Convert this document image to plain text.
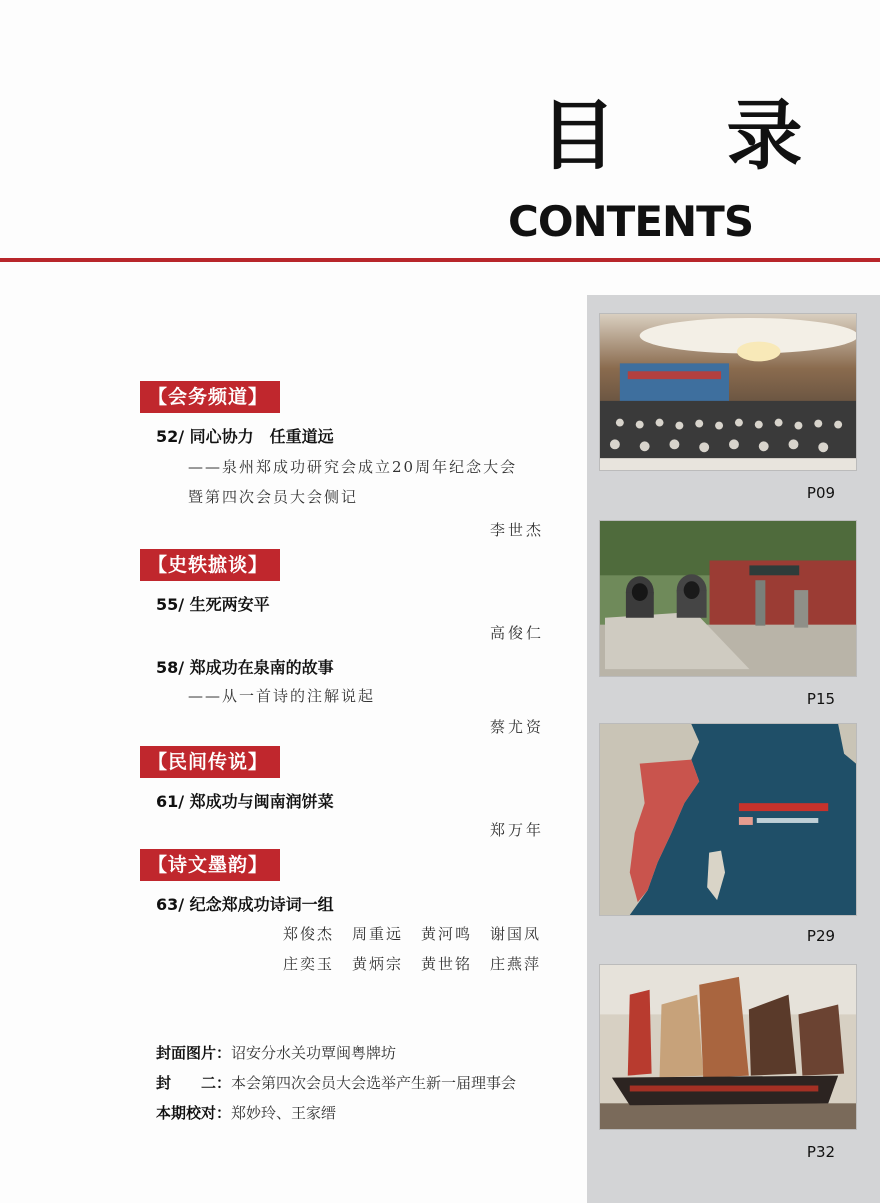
目 录
CONTENTS
P09
P15
P29
P32
【会务频道】
52/ 同心协力　任重道远
——泉州郑成功研究会成立20周年纪念大会
暨第四次会员大会侧记
李世杰
【史轶摭谈】
55/ 生死两安平
高俊仁
58/ 郑成功在泉南的故事
——从一首诗的注解说起
蔡尤资
【民间传说】
61/ 郑成功与闽南润饼菜
郑万年
【诗文墨韵】
63/ 纪念郑成功诗词一组
郑俊杰 周重远 黄河鸣 谢国凤
庄奕玉 黄炳宗 黄世铭 庄燕萍
封面图片：诏安分水关功覃闽粤牌坊
封　　二：本会第四次会员大会选举产生新一届理事会
本期校对：郑妙玲、王家缙
